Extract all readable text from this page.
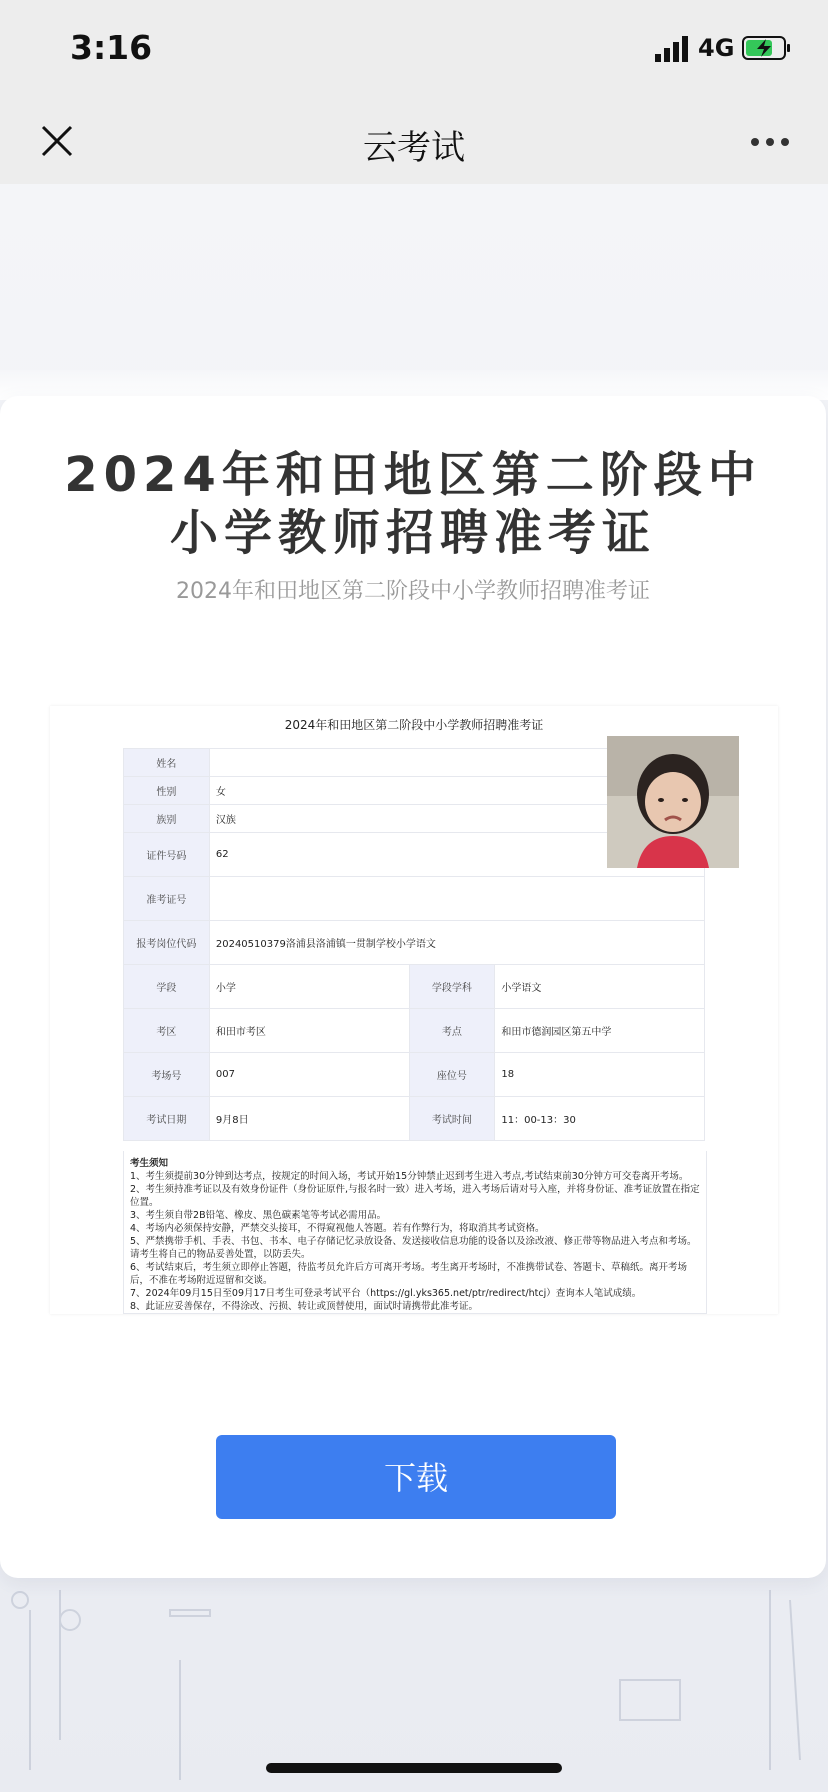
3:16	4G
云考试
2024年和田地区第二阶段中小学教师招聘准考证
2024年和田地区第二阶段中小学教师招聘准考证
2024年和田地区第二阶段中小学教师招聘准考证
姓名			
性别	女		
族别	汉族		
证件号码	62		
准考证号			
报考岗位代码	20240510379洛浦县洛浦镇一贯制学校小学语文		
学段	小学	学段学科	小学语文
考区	和田市考区	考点	和田市德润园区第五中学
考场号	007	座位号	18
考试日期	9月8日	考试时间	11：00-13：30
考生须知
1、考生须提前30分钟到达考点，按规定的时间入场，考试开始15分钟禁止迟到考生进入考点,考试结束前30分钟方可交卷离开考场。
2、考生须持准考证以及有效身份证件（身份证原件,与报名时一致）进入考场，进入考场后请对号入座，并将身份证、准考证放置在指定位置。
3、考生须自带2B铅笔、橡皮、黑色碳素笔等考试必需用品。
4、考场内必须保持安静，严禁交头接耳，不得窥视他人答题。若有作弊行为，将取消其考试资格。
5、严禁携带手机、手表、书包、书本、电子存储记忆录放设备、发送接收信息功能的设备以及涂改液、修正带等物品进入考点和考场。请考生将自己的物品妥善处置，以防丢失。
6、考试结束后，考生须立即停止答题，待监考员允许后方可离开考场。考生离开考场时，不准携带试卷、答题卡、草稿纸。离开考场后，不准在考场附近逗留和交谈。
7、2024年09月15日至09月17日考生可登录考试平台（https://gl.yks365.net/ptr/redirect/htcj）查询本人笔试成绩。
8、此证应妥善保存，不得涂改、污损、转让或顶替使用，面试时请携带此准考证。
下载
